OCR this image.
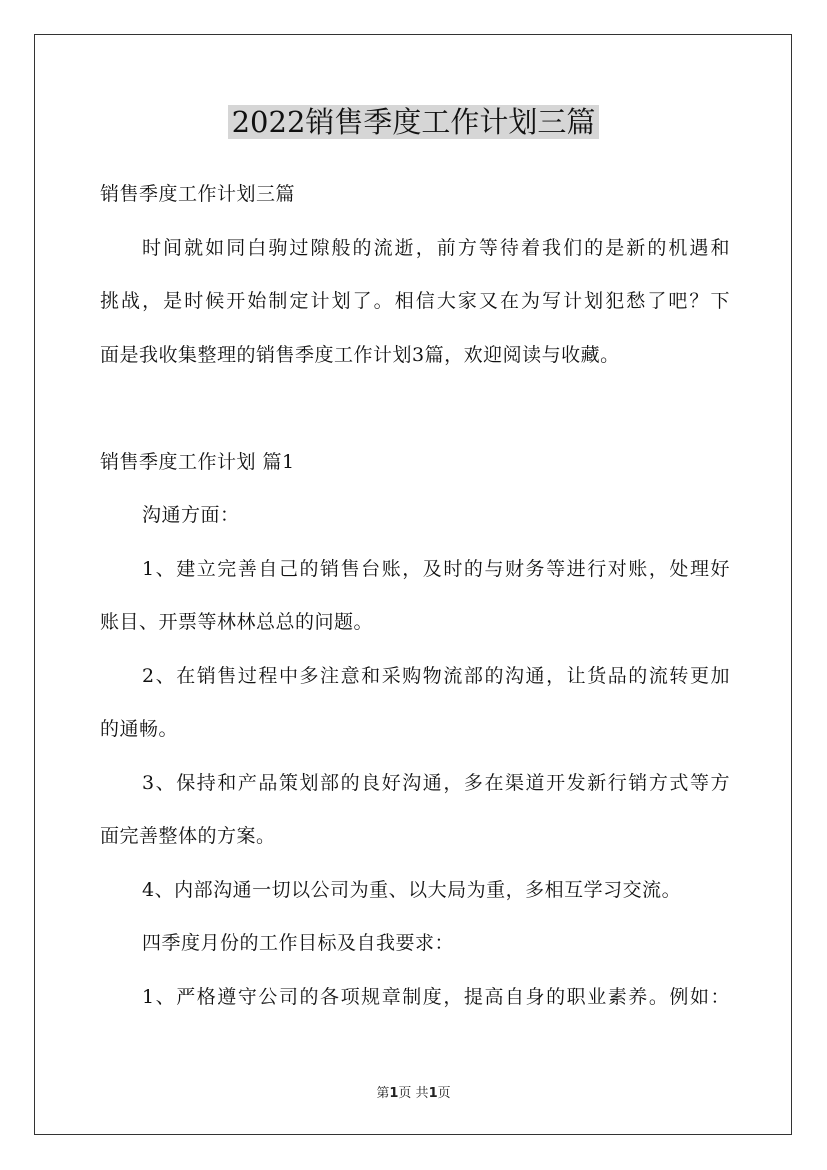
2022销售季度工作计划三篇
销售季度工作计划三篇
时间就如同白驹过隙般的流逝，前方等待着我们的是新的机遇和
挑战，是时候开始制定计划了。相信大家又在为写计划犯愁了吧？下
面是我收集整理的销售季度工作计划3篇，欢迎阅读与收藏。
销售季度工作计划 篇1
沟通方面：
1、建立完善自己的销售台账，及时的与财务等进行对账，处理好
账目、开票等林林总总的问题。
2、在销售过程中多注意和采购物流部的沟通，让货品的流转更加
的通畅。
3、保持和产品策划部的良好沟通，多在渠道开发新行销方式等方
面完善整体的方案。
4、内部沟通一切以公司为重、以大局为重，多相互学习交流。
四季度月份的工作目标及自我要求：
1、严格遵守公司的各项规章制度，提高自身的职业素养。例如：
第1页 共1页
